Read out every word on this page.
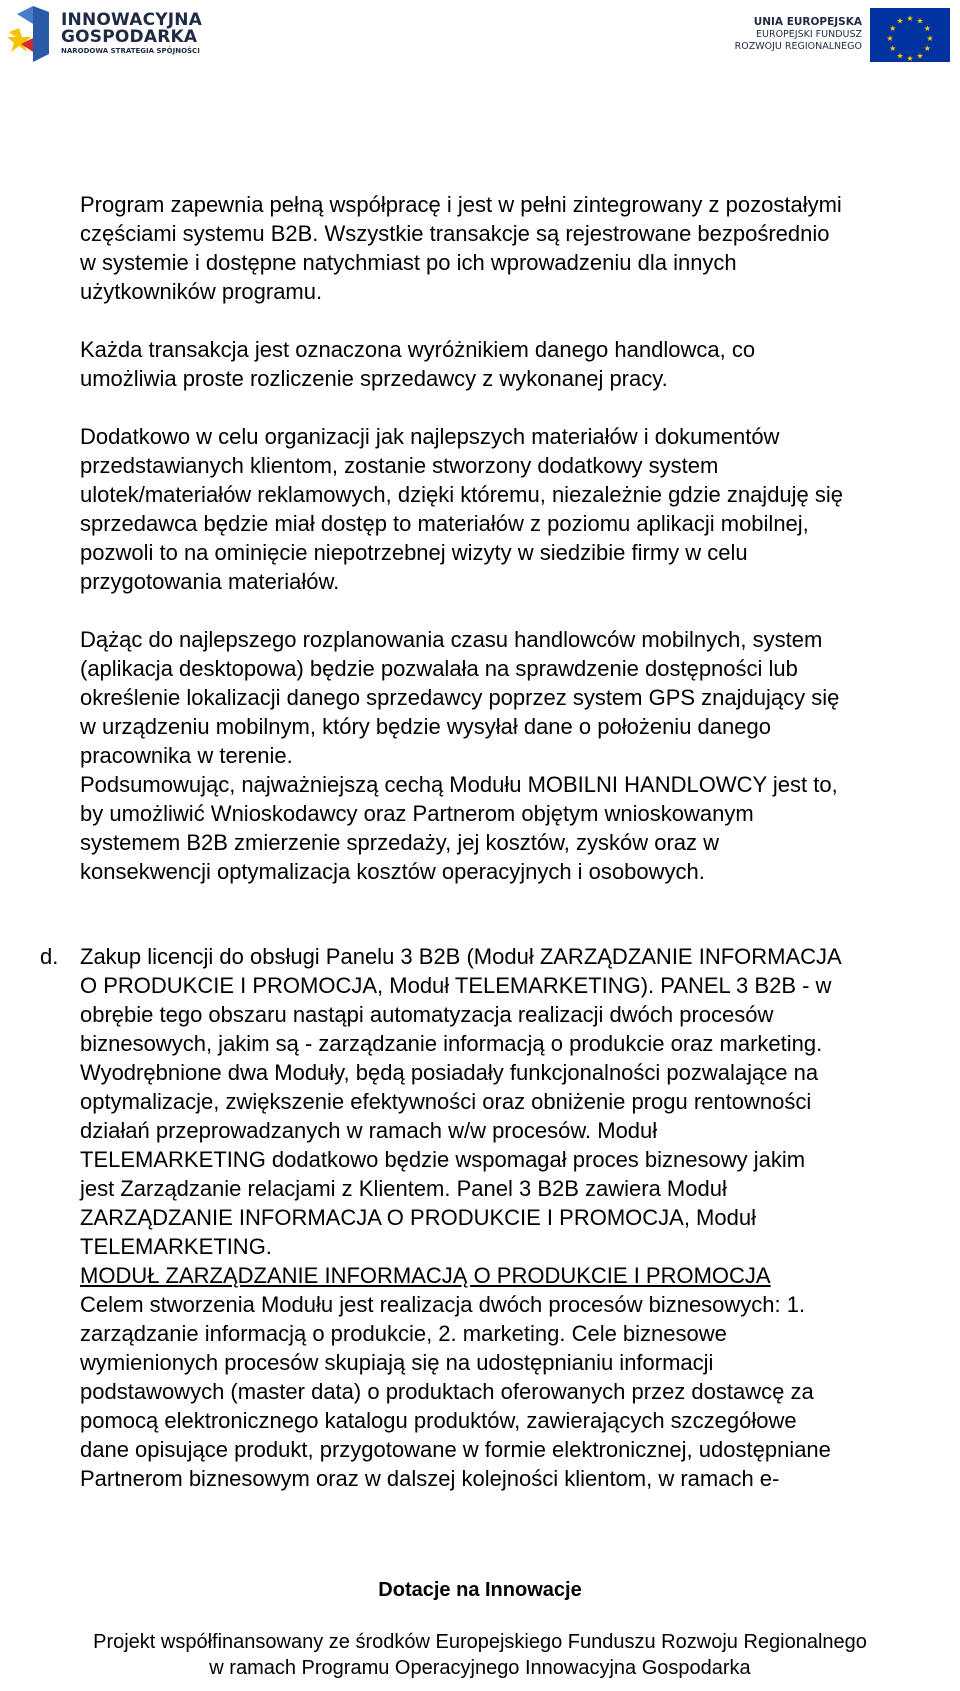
INNOWACYJNA
GOSPODARKA
NARODOWA STRATEGIA SPÓJNOŚCI
UNIA EUROPEJSKA
EUROPEJSKI FUNDUSZ
ROZWOJU REGIONALNEGO
★ ★
★
★
★
★
★
★
★
★
★
★

Program zapewnia pełną współpracę i jest w pełni zintegrowany z pozostałymi

częściami systemu B2B. Wszystkie transakcje są rejestrowane bezpośrednio

w systemie i dostępne natychmiast po ich wprowadzeniu dla innych

użytkowników programu.

Każda transakcja jest oznaczona wyróżnikiem danego handlowca, co

umożliwia proste rozliczenie sprzedawcy z wykonanej pracy.

Dodatkowo w celu organizacji jak najlepszych materiałów i dokumentów

przedstawianych klientom, zostanie stworzony dodatkowy system

ulotek/materiałów reklamowych, dzięki któremu, niezależnie gdzie znajduję się

sprzedawca będzie miał dostęp to materiałów z poziomu aplikacji mobilnej,

pozwoli to na ominięcie niepotrzebnej wizyty w siedzibie firmy w celu

przygotowania materiałów.

Dążąc do najlepszego rozplanowania czasu handlowców mobilnych, system

(aplikacja desktopowa) będzie pozwalała na sprawdzenie dostępności lub

określenie lokalizacji danego sprzedawcy poprzez system GPS znajdujący się

w urządzeniu mobilnym, który będzie wysyłał dane o położeniu danego

pracownika w terenie.

Podsumowując, najważniejszą cechą Modułu MOBILNI HANDLOWCY jest to,

by umożliwić Wnioskodawcy oraz Partnerom objętym wnioskowanym

systemem B2B zmierzenie sprzedaży, jej kosztów, zysków oraz w

konsekwencji optymalizacja kosztów operacyjnych i osobowych.

d. Zakup licencji do obsługi Panelu 3 B2B (Moduł ZARZĄDZANIE INFORMACJA

O PRODUKCIE I PROMOCJA, Moduł TELEMARKETING). PANEL 3 B2B - w

obrębie tego obszaru nastąpi automatyzacja realizacji dwóch procesów

biznesowych, jakim są - zarządzanie informacją o produkcie oraz marketing.

Wyodrębnione dwa Moduły, będą posiadały funkcjonalności pozwalające na

optymalizacje, zwiększenie efektywności oraz obniżenie progu rentowności

działań przeprowadzanych w ramach w/w procesów. Moduł

TELEMARKETING dodatkowo będzie wspomagał proces biznesowy jakim

jest Zarządzanie relacjami z Klientem. Panel 3 B2B zawiera Moduł

ZARZĄDZANIE INFORMACJA O PRODUKCIE I PROMOCJA, Moduł

TELEMARKETING.

MODUŁ ZARZĄDZANIE INFORMACJĄ O PRODUKCIE I PROMOCJA

Celem stworzenia Modułu jest realizacja dwóch procesów biznesowych: 1.

zarządzanie informacją o produkcie, 2. marketing. Cele biznesowe

wymienionych procesów skupiają się na udostępnianiu informacji

podstawowych (master data) o produktach oferowanych przez dostawcę za

pomocą elektronicznego katalogu produktów, zawierających szczegółowe

dane opisujące produkt, przygotowane w formie elektronicznej, udostępniane

Partnerom biznesowym oraz w dalszej kolejności klientom, w ramach e-

Dotacje na Innowacje
Projekt współfinansowany ze środków Europejskiego Funduszu Rozwoju Regionalnego
w ramach Programu Operacyjnego Innowacyjna Gospodarka
